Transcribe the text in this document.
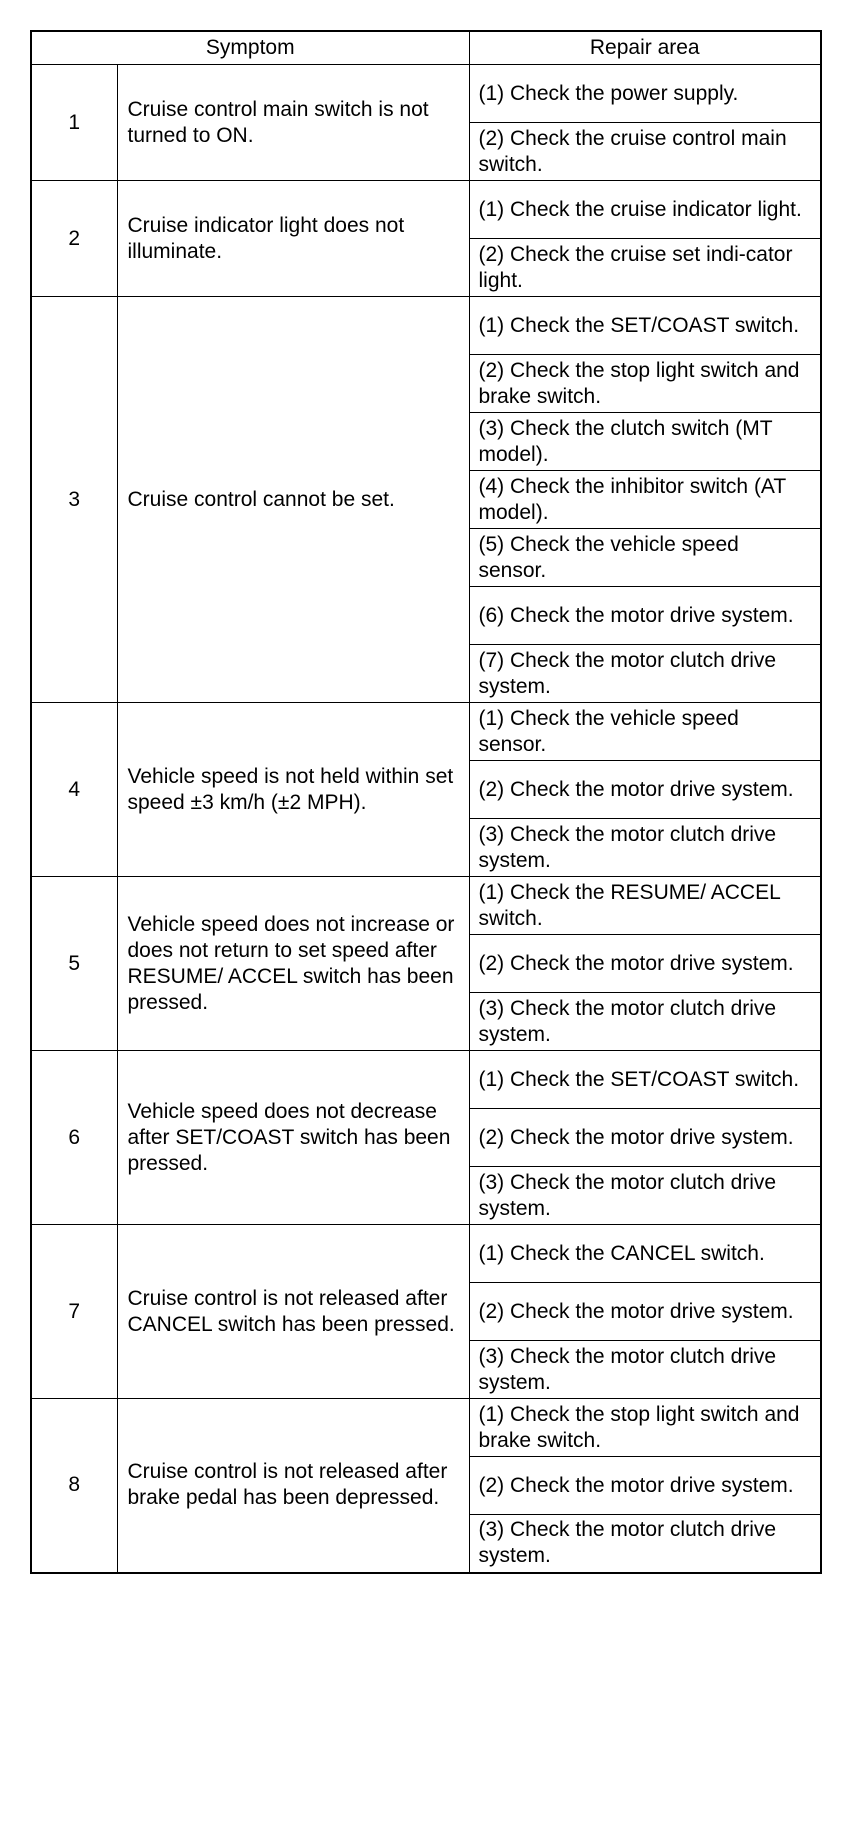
Symptom		Repair area
1	Cruise control main switch is not turned to ON.	(1) Check the power supply.
		(2) Check the cruise control main switch.
2	Cruise indicator light does not illuminate.	(1) Check the cruise indicator light.
		(2) Check the cruise set indi-cator light.
3	Cruise control cannot be set.	(1) Check the SET/COAST switch.
		(2) Check the stop light switch and brake switch.
		(3) Check the clutch switch (MT model).
		(4) Check the inhibitor switch (AT model).
		(5) Check the vehicle speed sensor.
		(6) Check the motor drive system.
		(7) Check the motor clutch drive system.
4	Vehicle speed is not held within set speed ±3 km/h (±2 MPH).	(1) Check the vehicle speed sensor.
		(2) Check the motor drive system.
		(3) Check the motor clutch drive system.
5	Vehicle speed does not increase or does not return to set speed after RESUME/ ACCEL switch has been pressed.	(1) Check the RESUME/ ACCEL switch.
		(2) Check the motor drive system.
		(3) Check the motor clutch drive system.
6	Vehicle speed does not decrease after SET/COAST switch has been pressed.	(1) Check the SET/COAST switch.
		(2) Check the motor drive system.
		(3) Check the motor clutch drive system.
7	Cruise control is not released after CANCEL switch has been pressed.	(1) Check the CANCEL switch.
		(2) Check the motor drive system.
		(3) Check the motor clutch drive system.
8	Cruise control is not released after brake pedal has been depressed.	(1) Check the stop light switch and brake switch.
		(2) Check the motor drive system.
		(3) Check the motor clutch drive system.
